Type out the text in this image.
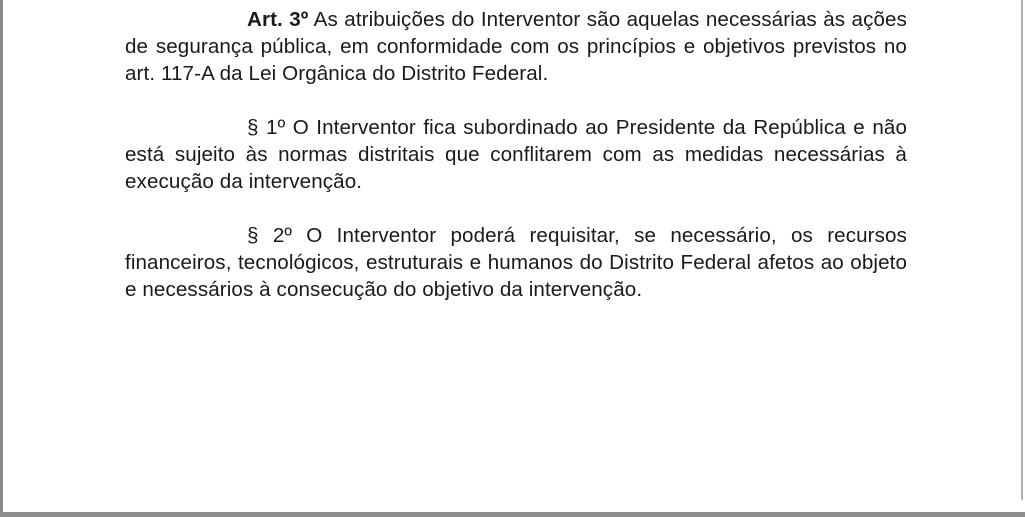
Art. 3º As atribuições do Interventor são aquelas necessárias às ações de segurança pública, em conformidade com os princípios e objetivos previstos no art. 117-A da Lei Orgânica do Distrito Federal.

§ 1º O Interventor fica subordinado ao Presidente da República e não está sujeito às normas distritais que conflitarem com as medidas necessárias à execução da intervenção.

§ 2º O Interventor poderá requisitar, se necessário, os recursos financeiros, tecnológicos, estruturais e humanos do Distrito Federal afetos ao objeto e necessários à consecução do objetivo da intervenção.
